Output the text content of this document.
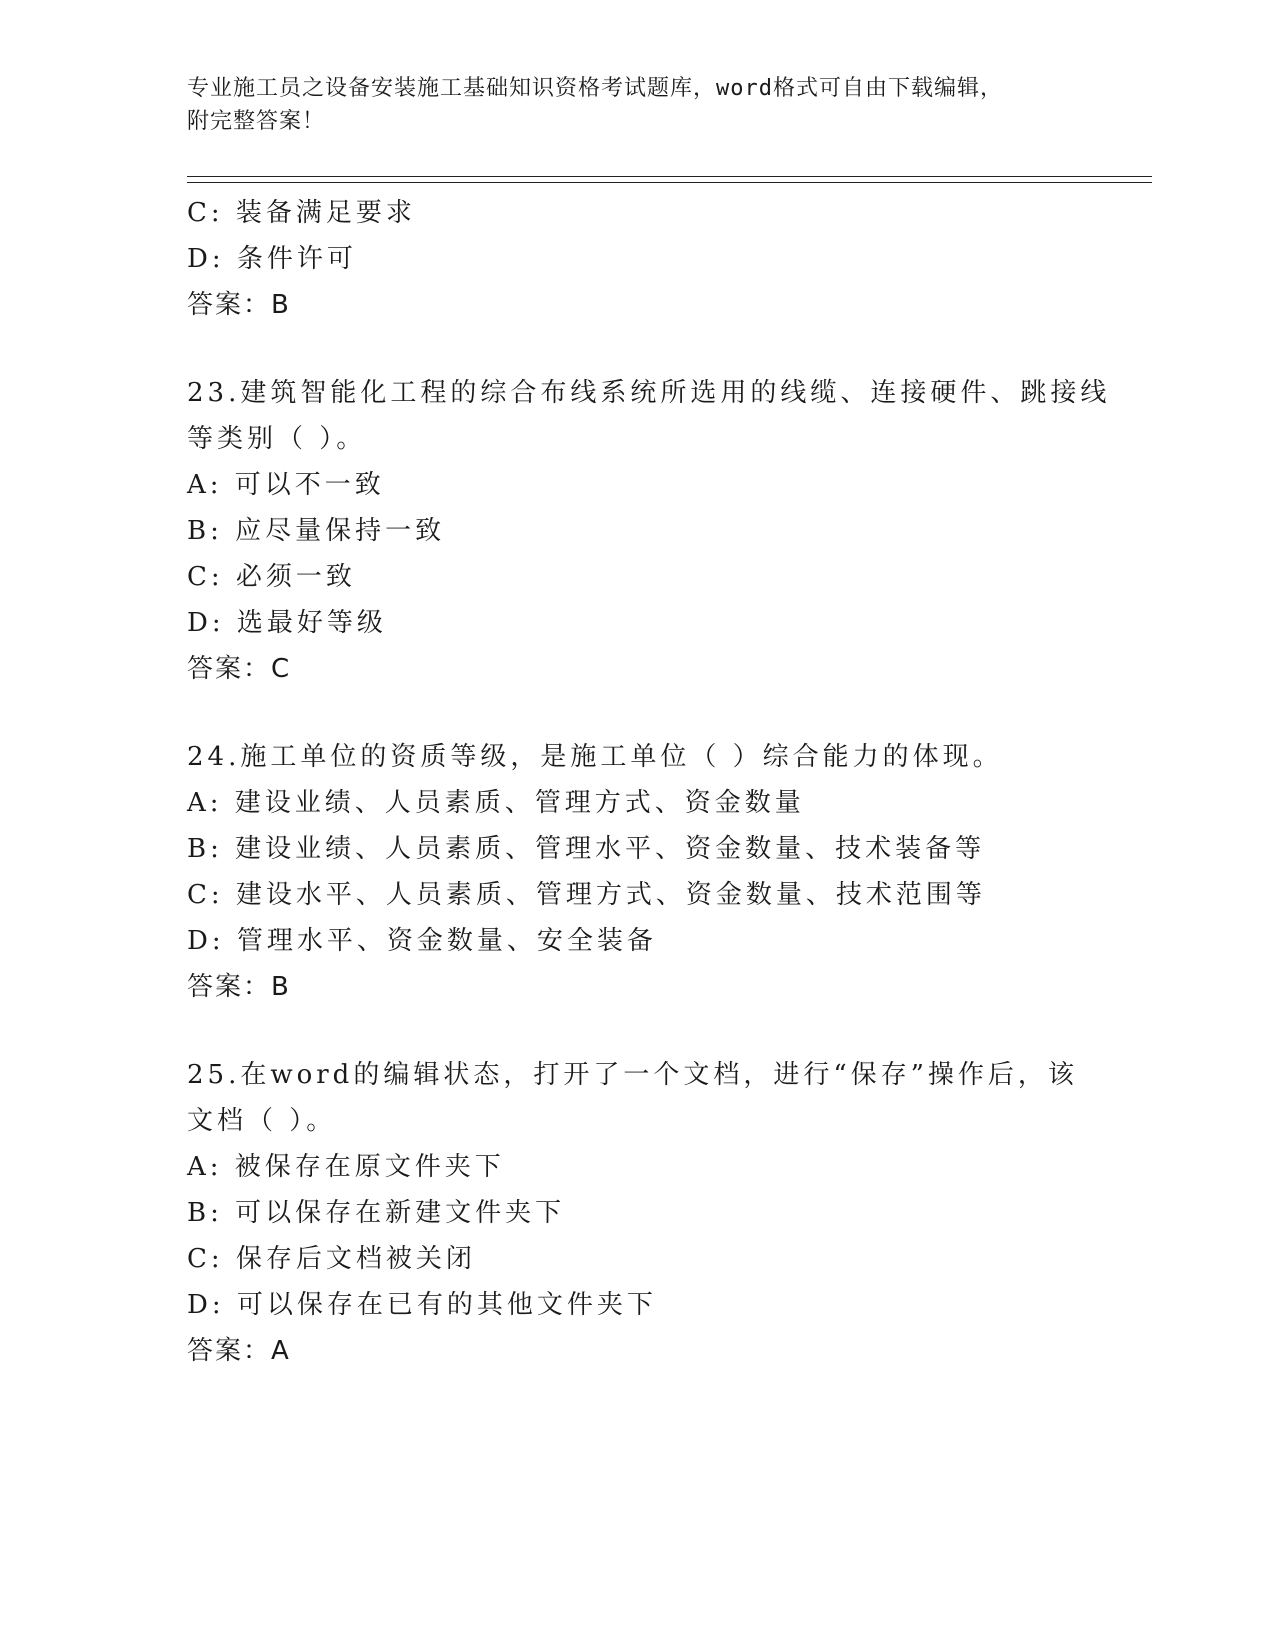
专业施工员之设备安装施工基础知识资格考试题库，word格式可自由下载编辑，
附完整答案！
C: 装备满足要求
D: 条件许可
答案：B
23.建筑智能化工程的综合布线系统所选用的线缆、连接硬件、跳接线
等类别（ ）。
A: 可以不一致
B: 应尽量保持一致
C: 必须一致
D: 选最好等级
答案：C
24.施工单位的资质等级，是施工单位（ ）综合能力的体现。
A: 建设业绩、人员素质、管理方式、资金数量
B: 建设业绩、人员素质、管理水平、资金数量、技术装备等
C: 建设水平、人员素质、管理方式、资金数量、技术范围等
D: 管理水平、资金数量、安全装备
答案：B
25.在word的编辑状态，打开了一个文档，进行“保存”操作后，该
文档（ ）。
A: 被保存在原文件夹下
B: 可以保存在新建文件夹下
C: 保存后文档被关闭
D: 可以保存在已有的其他文件夹下
答案：A
